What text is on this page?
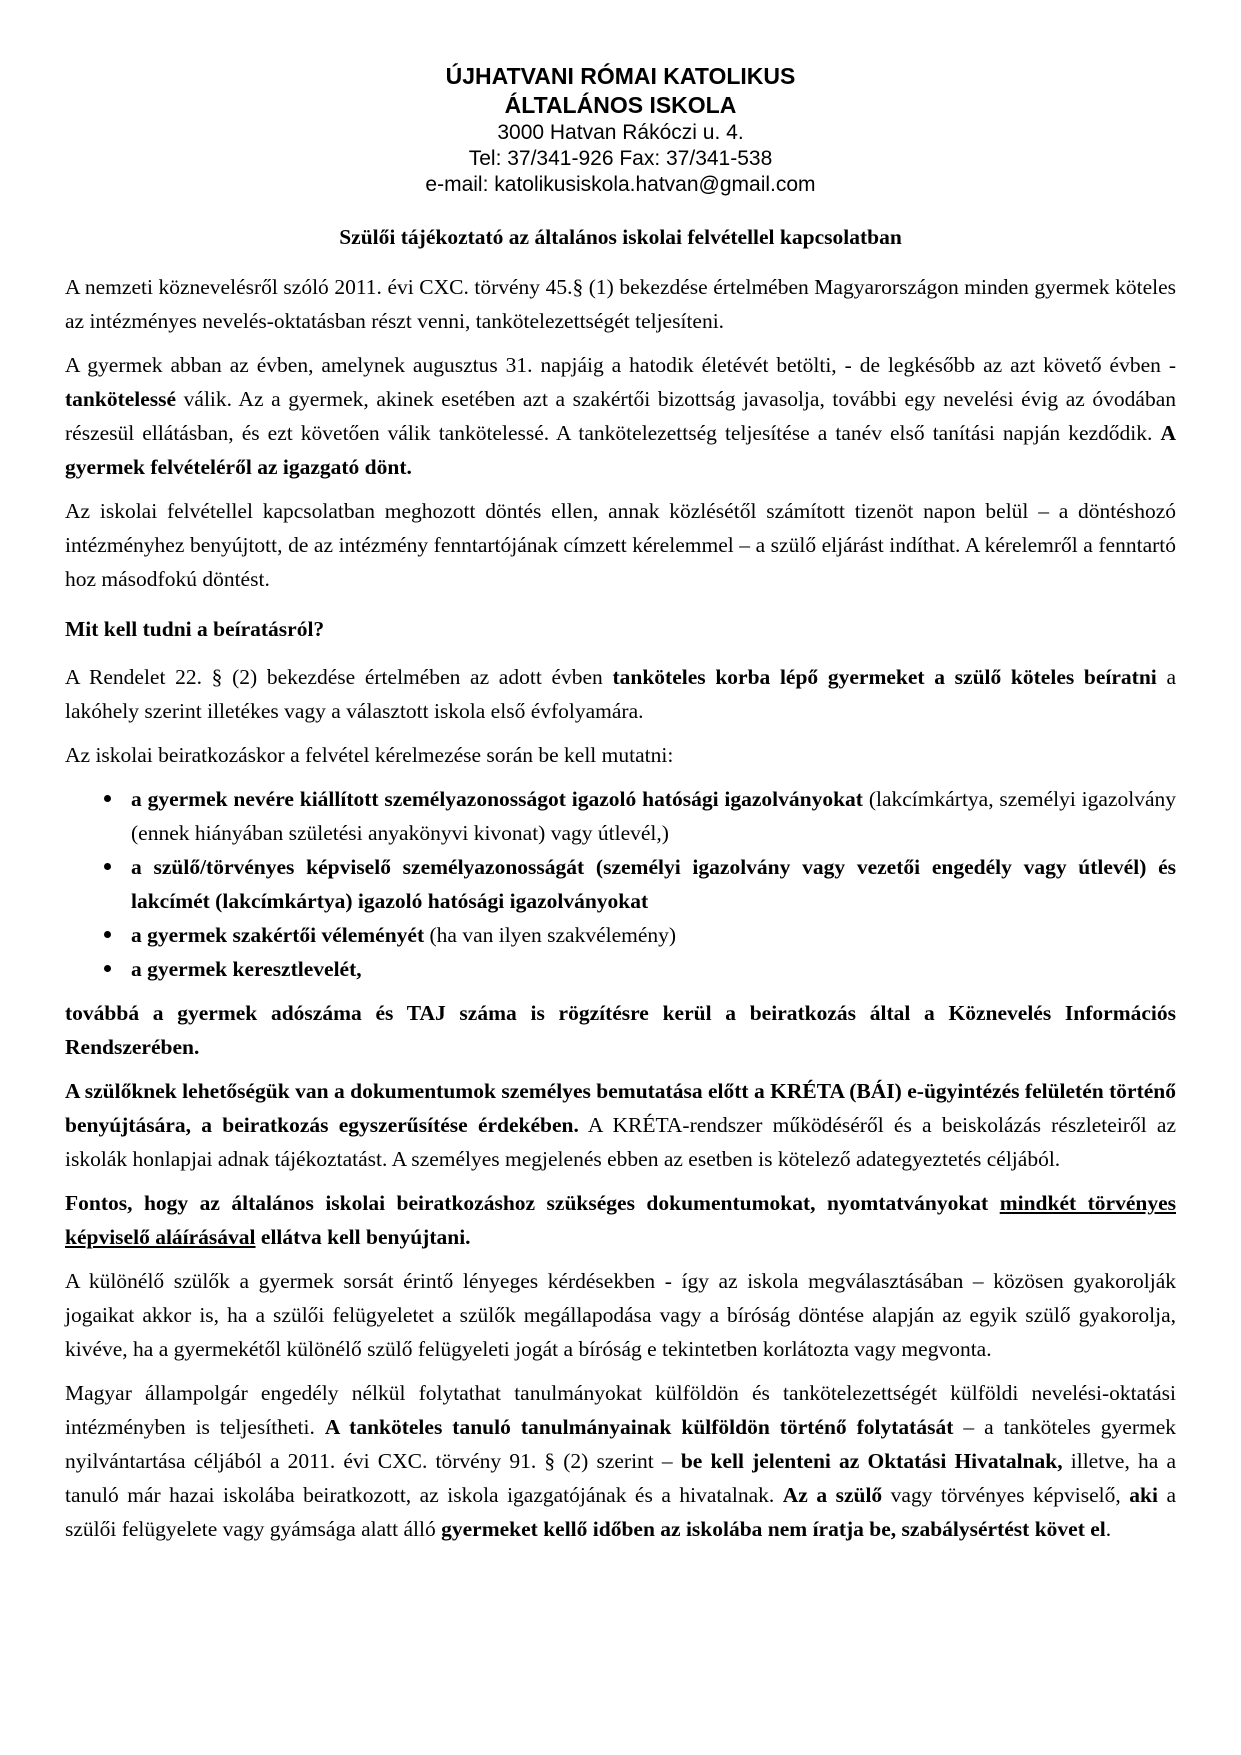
ÚJHATVANI RÓMAI KATOLIKUS
ÁLTALÁNOS ISKOLA
3000 Hatvan Rákóczi u. 4.
Tel: 37/341-926 Fax: 37/341-538
e-mail: katolikusiskola.hatvan@gmail.com
Szülői tájékoztató az általános iskolai felvétellel kapcsolatban

A nemzeti köznevelésről szóló 2011. évi CXC. törvény 45.§ (1) bekezdése értelmében Magyarországon minden gyermek köteles az intézményes nevelés-oktatásban részt venni, tankötelezettségét teljesíteni.

A gyermek abban az évben, amelynek augusztus 31. napjáig a hatodik életévét betölti, - de legkésőbb az azt követő évben - tankötelessé válik. Az a gyermek, akinek esetében azt a szakértői bizottság javasolja, további egy nevelési évig az óvodában részesül ellátásban, és ezt követően válik tankötelessé. A tankötelezettség teljesítése a tanév első tanítási napján kezdődik. A gyermek felvételéről az igazgató dönt.

Az iskolai felvétellel kapcsolatban meghozott döntés ellen, annak közlésétől számított tizenöt napon belül – a döntéshozó intézményhez benyújtott, de az intézmény fenntartójának címzett kérelemmel – a szülő eljárást indíthat. A kérelemről a fenntartó hoz másodfokú döntést.

Mit kell tudni a beíratásról?

A Rendelet 22. § (2) bekezdése értelmében az adott évben tanköteles korba lépő gyermeket a szülő köteles beíratni a lakóhely szerint illetékes vagy a választott iskola első évfolyamára.

Az iskolai beiratkozáskor a felvétel kérelmezése során be kell mutatni:

a gyermek nevére kiállított személyazonosságot igazoló hatósági igazolványokat (lakcímkártya, személyi igazolvány (ennek hiányában születési anyakönyvi kivonat) vagy útlevél,)
a szülő/törvényes képviselő személyazonosságát (személyi igazolvány vagy vezetői engedély vagy útlevél) és lakcímét (lakcímkártya) igazoló hatósági igazolványokat
a gyermek szakértői véleményét (ha van ilyen szakvélemény)
a gyermek keresztlevelét,

továbbá a gyermek adószáma és TAJ száma is rögzítésre kerül a beiratkozás által a Köznevelés Információs Rendszerében.

A szülőknek lehetőségük van a dokumentumok személyes bemutatása előtt a KRÉTA (BÁI) e-ügyintézés felületén történő benyújtására, a beiratkozás egyszerűsítése érdekében. A KRÉTA-rendszer működéséről és a beiskolázás részleteiről az iskolák honlapjai adnak tájékoztatást. A személyes megjelenés ebben az esetben is kötelező adategyeztetés céljából.

Fontos, hogy az általános iskolai beiratkozáshoz szükséges dokumentumokat, nyomtatványokat mindkét törvényes képviselő aláírásával ellátva kell benyújtani.

A különélő szülők a gyermek sorsát érintő lényeges kérdésekben - így az iskola megválasztásában – közösen gyakorolják jogaikat akkor is, ha a szülői felügyeletet a szülők megállapodása vagy a bíróság döntése alapján az egyik szülő gyakorolja, kivéve, ha a gyermekétől különélő szülő felügyeleti jogát a bíróság e tekintetben korlátozta vagy megvonta.

Magyar állampolgár engedély nélkül folytathat tanulmányokat külföldön és tankötelezettségét külföldi nevelési-oktatási intézményben is teljesítheti. A tanköteles tanuló tanulmányainak külföldön történő folytatását – a tanköteles gyermek nyilvántartása céljából a 2011. évi CXC. törvény 91. § (2) szerint – be kell jelenteni az Oktatási Hivatalnak, illetve, ha a tanuló már hazai iskolába beiratkozott, az iskola igazgatójának és a hivatalnak. Az a szülő vagy törvényes képviselő, aki a szülői felügyelete vagy gyámsága alatt álló gyermeket kellő időben az iskolába nem íratja be, szabálysértést követ el.
